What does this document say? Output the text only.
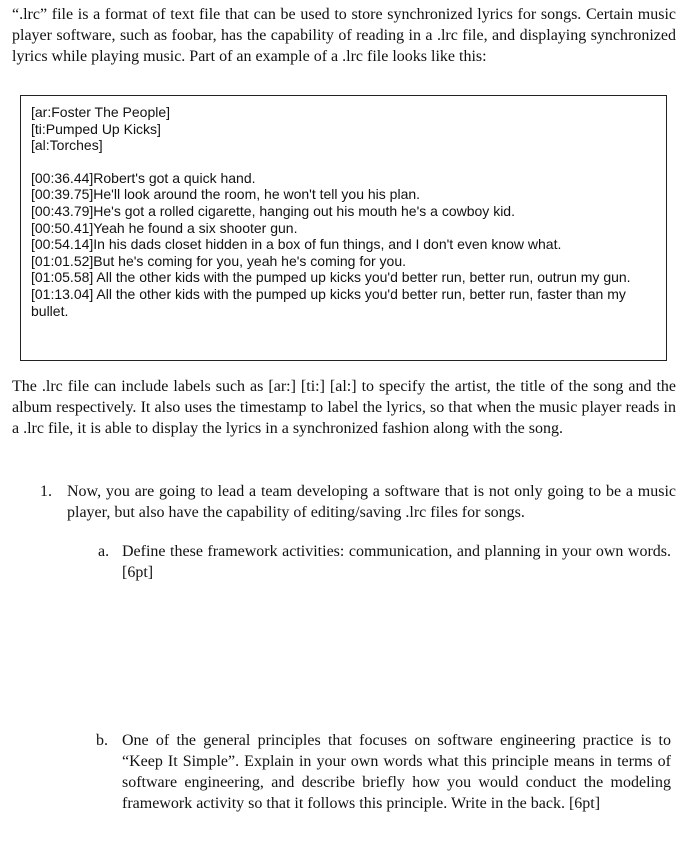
“.lrc” file is a format of text file that can be used to store synchronized lyrics for songs. Certain music player software, such as foobar, has the capability of reading in a .lrc file, and displaying synchronized lyrics while playing music. Part of an example of a .lrc file looks like this:

[ar:Foster The People]
[ti:Pumped Up Kicks]
[al:Torches]
[00:36.44]Robert's got a quick hand.
[00:39.75]He'll look around the room, he won't tell you his plan.
[00:43.79]He's got a rolled cigarette, hanging out his mouth he's a cowboy kid.
[00:50.41]Yeah he found a six shooter gun.
[00:54.14]In his dads closet hidden in a box of fun things, and I don't even know what.
[01:01.52]But he's coming for you, yeah he's coming for you.
[01:05.58] All the other kids with the pumped up kicks you'd better run, better run, outrun my gun.
[01:13.04] All the other kids with the pumped up kicks you'd better run, better run, faster than my bullet.

The .lrc file can include labels such as [ar:] [ti:] [al:] to specify the artist, the title of the song and the album respectively. It also uses the timestamp to label the lyrics, so that when the music player reads in a .lrc file, it is able to display the lyrics in a synchronized fashion along with the song.

1. Now, you are going to lead a team developing a software that is not only going to be a music player, but also have the capability of editing/saving .lrc files for songs.

a. Define these framework activities: communication, and planning in your own words. [6pt]

b. One of the general principles that focuses on software engineering practice is to “Keep It Simple”. Explain in your own words what this principle means in terms of software engineering, and describe briefly how you would conduct the modeling framework activity so that it follows this principle. Write in the back. [6pt]
